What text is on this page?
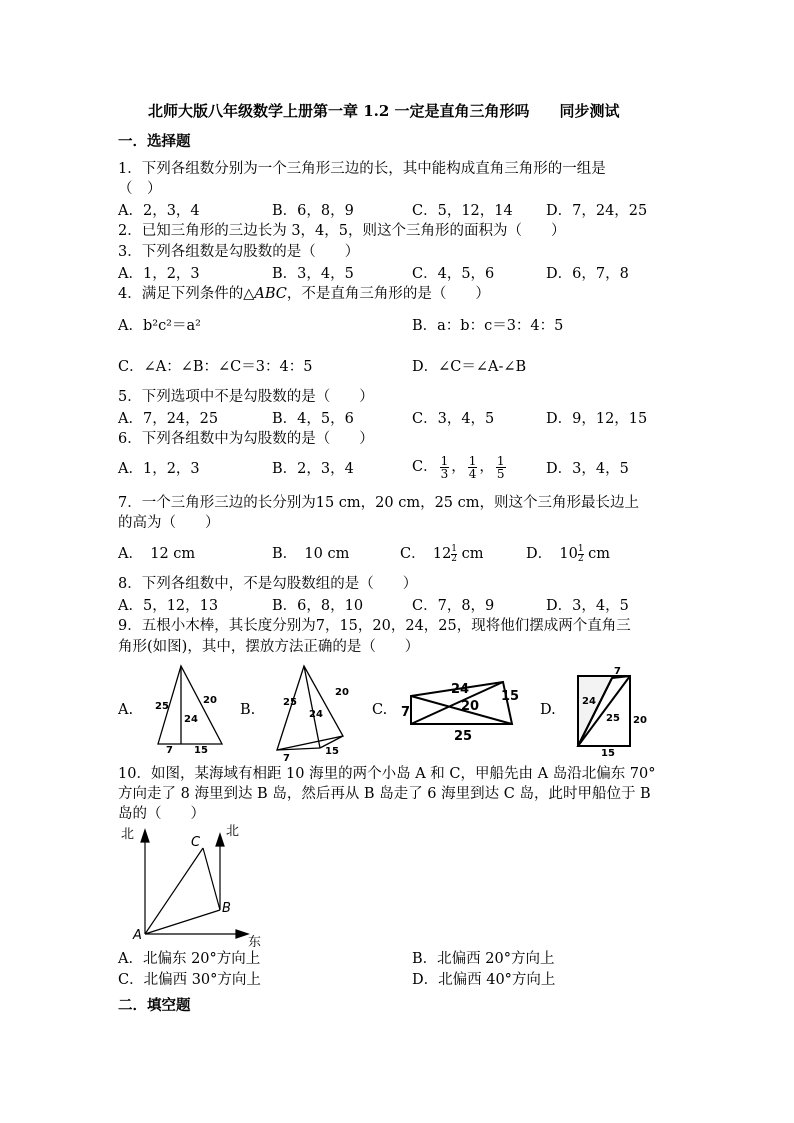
北师大版八年级数学上册第一章 1.2 一定是直角三角形吗　　同步测试
一．选择题
1．下列各组数分别为一个三角形三边的长，其中能构成直角三角形的一组是
（　）
A．2，3，4	B．6，8，9	C．5，12，14 D．7，24，25
2．已知三角形的三边长为 3，4，5，则这个三角形的面积为（　　）
3．下列各组数是勾股数的是（　　）
A．1，2，3	B．3，4，5	C．4，5，6	D．6，7，8
4．满足下列条件的△ABC，不是直角三角形的是（　　）
A．b²c²＝a²	B．a：b：c＝3：4：5
C．∠A：∠B：∠C＝3：4：5	D．∠C＝∠A-∠B
5．下列选项中不是勾股数的是（　　）
A．7，24，25	B．4，5，6	C．3，4，5	D．9，12，15
6．下列各组数中为勾股数的是（　　）
A．1，2，3	B．2，3，4	C． $\frac{1}{3}$ ， $\frac{1}{4}$ ， $\frac{1}{5}$	D．3，4，5
7．一个三角形三边的长分别为15 cm，20 cm，25 cm，则这个三角形最长边上
的高为（　　）
A．　12 cm	B．　10 cm	C．　$12 \frac{1}{2}$ cm	D．　$10 \frac{1}{2}$ cm
8．下列各组数中，不是勾股数组的是（　　）
A．5，12，13	B．6，8，10	C．7，8，9	D．3，4，5
9．五根小木棒，其长度分别为7，15，20，24，25，现将他们摆成两个直角三
角形(如图)，其中，摆放方法正确的是（　　）
A.	B.	C.	D.
25
24
20
7 15
25
24
20
7
15
7
24
20
15
25
7
24
25 20
15
10．如图，某海域有相距 10 海里的两个小岛 A 和 C，甲船先由 A 岛沿北偏东 70°
方向走了 8 海里到达 B 岛，然后再从 B 岛走了 6 海里到达 C 岛，此时甲船位于 B
岛的（　　）
北	北
东
A
B
C
A．北偏东 20°方向上	B．北偏西 20°方向上
C．北偏西 30°方向上	D．北偏西 40°方向上
二．填空题
